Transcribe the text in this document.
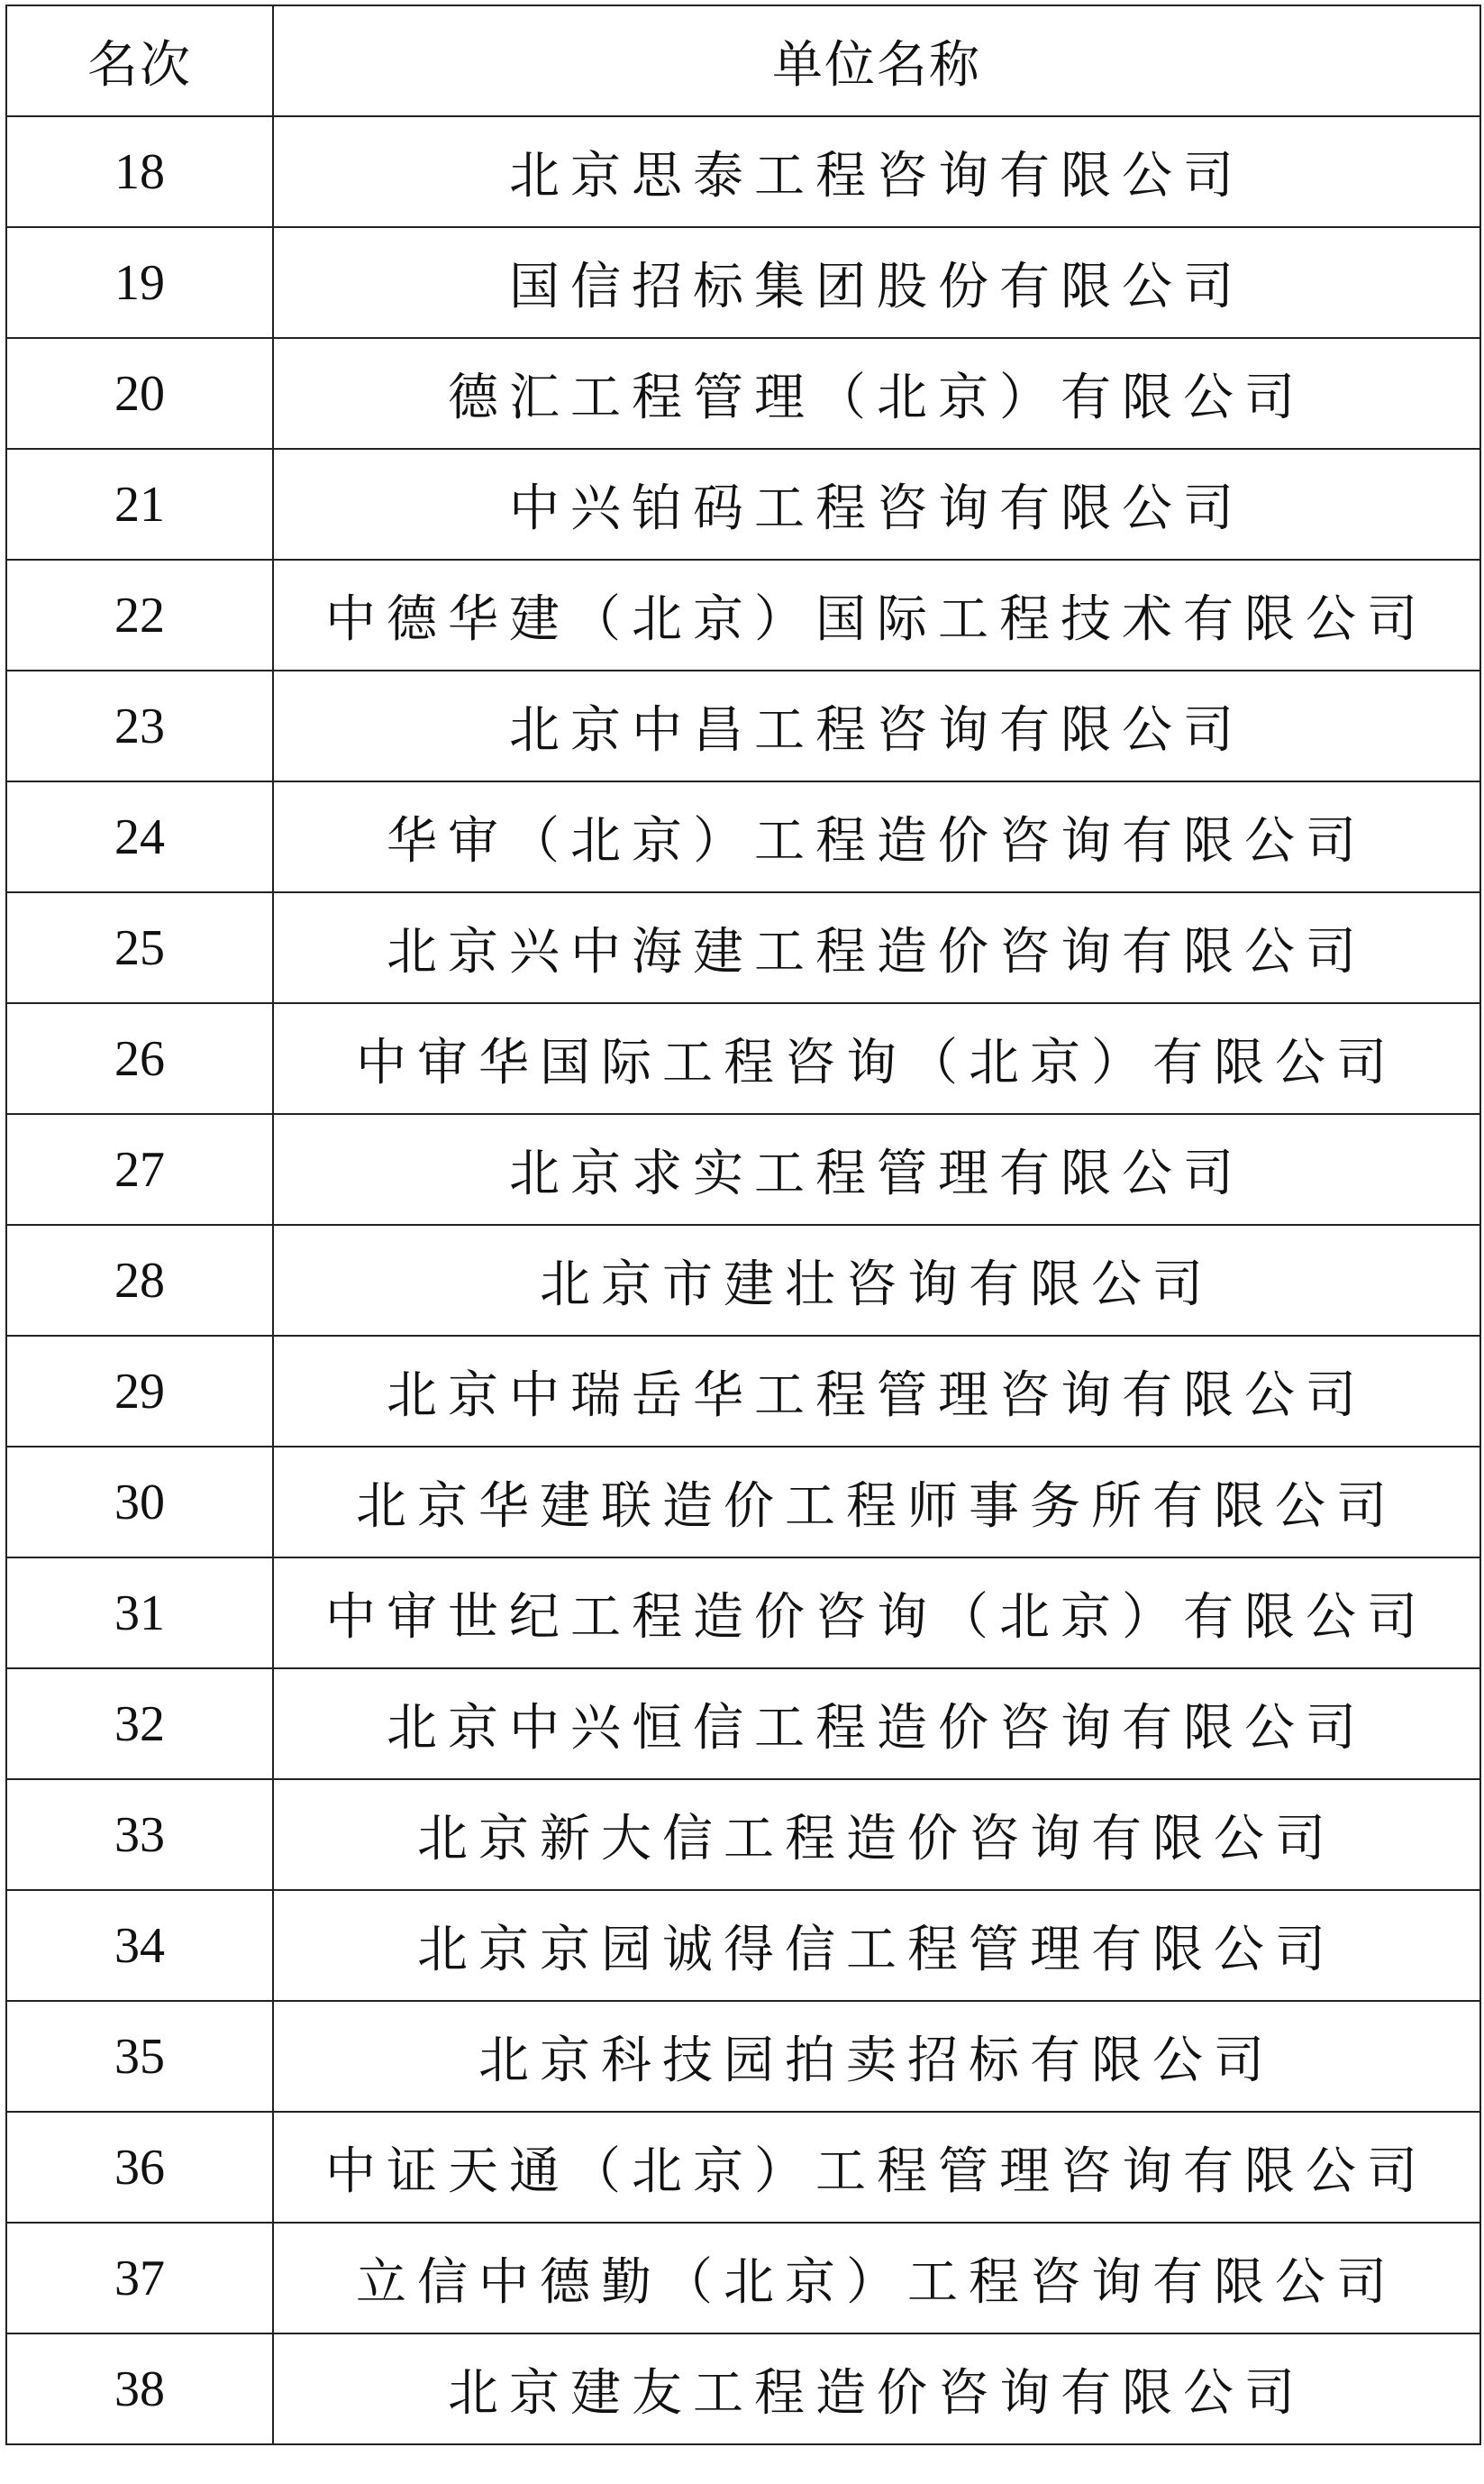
名次	单位名称
18	北京思泰工程咨询有限公司
19	国信招标集团股份有限公司
20	德汇工程管理（北京）有限公司
21	中兴铂码工程咨询有限公司
22	中德华建（北京）国际工程技术有限公司
23	北京中昌工程咨询有限公司
24	华审（北京）工程造价咨询有限公司
25	北京兴中海建工程造价咨询有限公司
26	中审华国际工程咨询（北京）有限公司
27	北京求实工程管理有限公司
28	北京市建壮咨询有限公司
29	北京中瑞岳华工程管理咨询有限公司
30	北京华建联造价工程师事务所有限公司
31	中审世纪工程造价咨询（北京）有限公司
32	北京中兴恒信工程造价咨询有限公司
33	北京新大信工程造价咨询有限公司
34	北京京园诚得信工程管理有限公司
35	北京科技园拍卖招标有限公司
36	中证天通（北京）工程管理咨询有限公司
37	立信中德勤（北京）工程咨询有限公司
38	北京建友工程造价咨询有限公司
